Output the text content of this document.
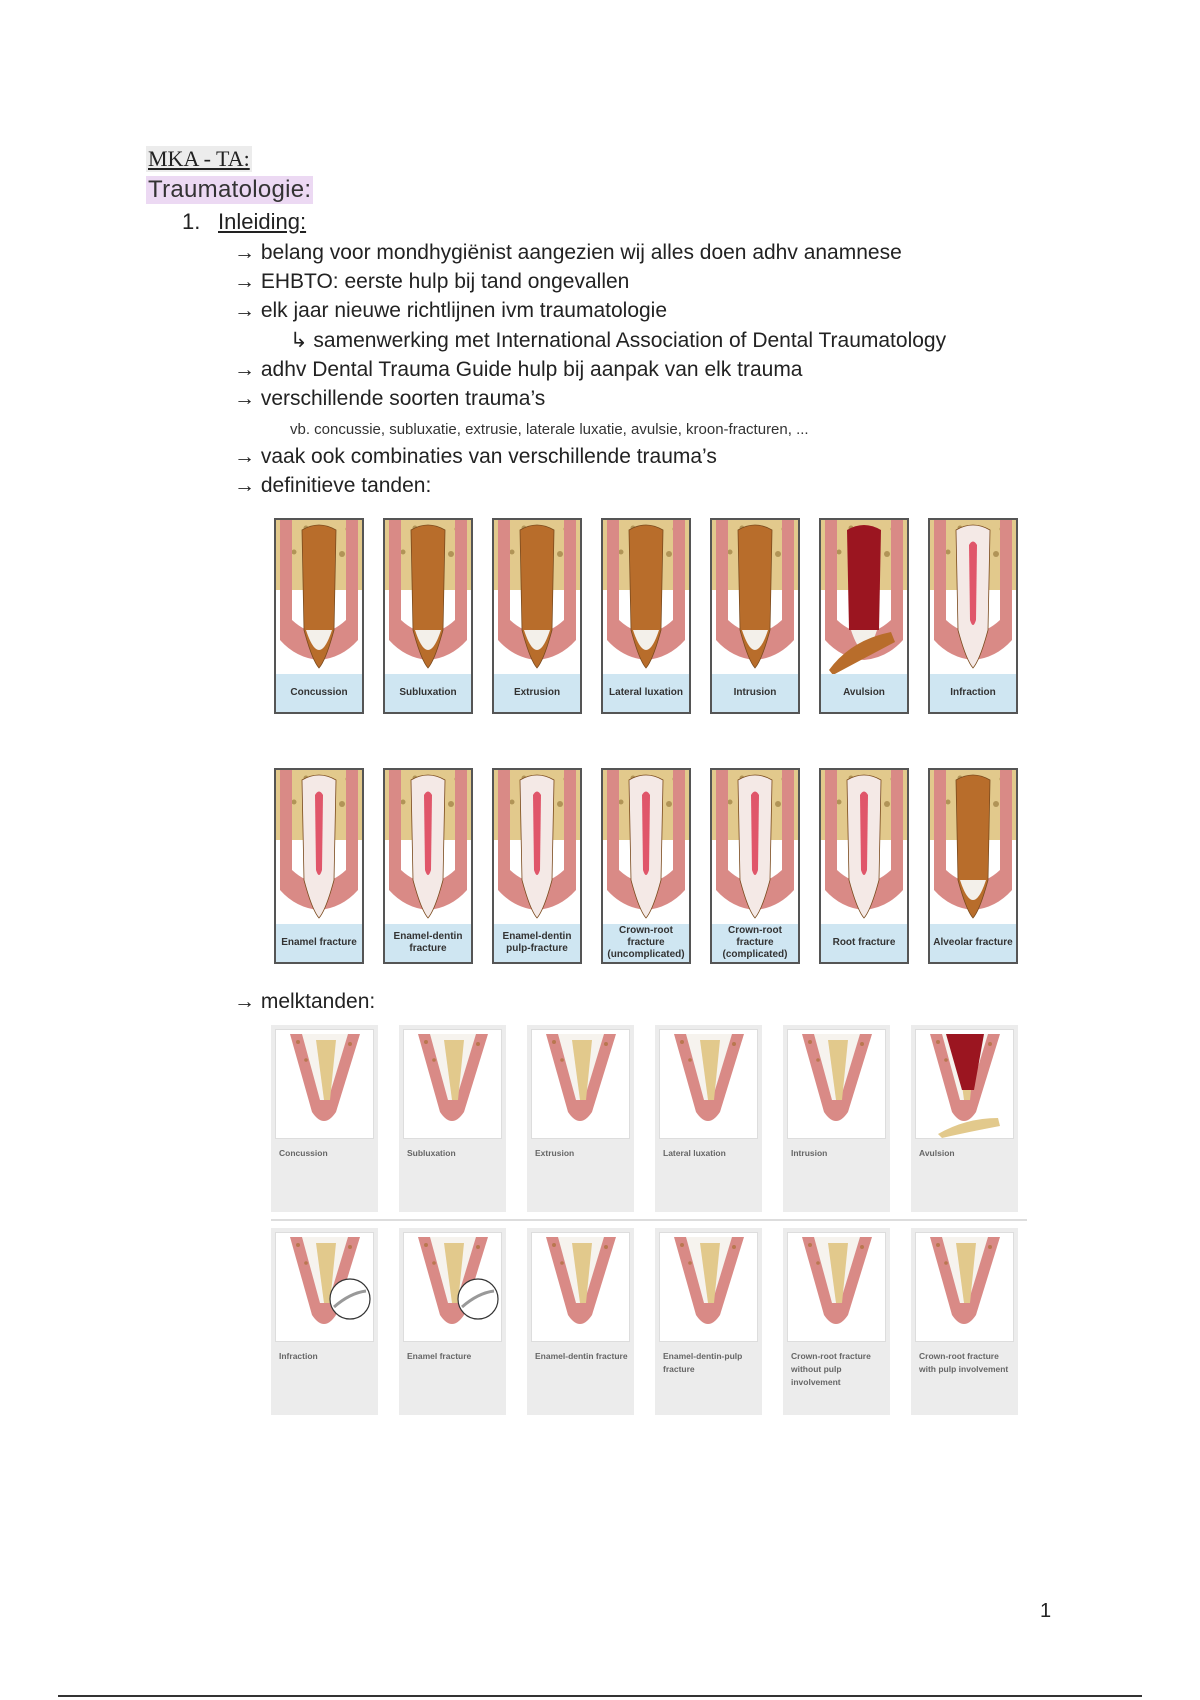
MKA - TA:
Traumatologie:
1. Inleiding:
→ belang voor mondhygiënist aangezien wij alles doen adhv anamnese
→ EHBTO: eerste hulp bij tand ongevallen
→ elk jaar nieuwe richtlijnen ivm traumatologie
↳ samenwerking met International Association of Dental Traumatology
→ adhv Dental Trauma Guide hulp bij aanpak van elk trauma
→ verschillende soorten trauma’s
vb. concussie, subluxatie, extrusie, laterale luxatie, avulsie, kroon-fracturen, ...
→ vaak ook combinaties van verschillende trauma’s
→ definitieve tanden:
Concussion	Subluxation	Extrusion	Lateral luxation	Intrusion	Avulsion	Infraction
Enamel fracture
Enamel-dentin fracture
Enamel-dentin pulp-fracture
Crown-root fracture (uncomplicated)
Crown-root fracture (complicated)
Root fracture	Alveolar fracture
→ melktanden:
Concussion	Subluxation	Extrusion	Lateral luxation	Intrusion	Avulsion
Infraction	Enamel fracture	Enamel-dentin fracture	Enamel-dentin-pulp fracture
Crown-root fracture without pulp involvement
Crown-root fracture with pulp involvement
1
